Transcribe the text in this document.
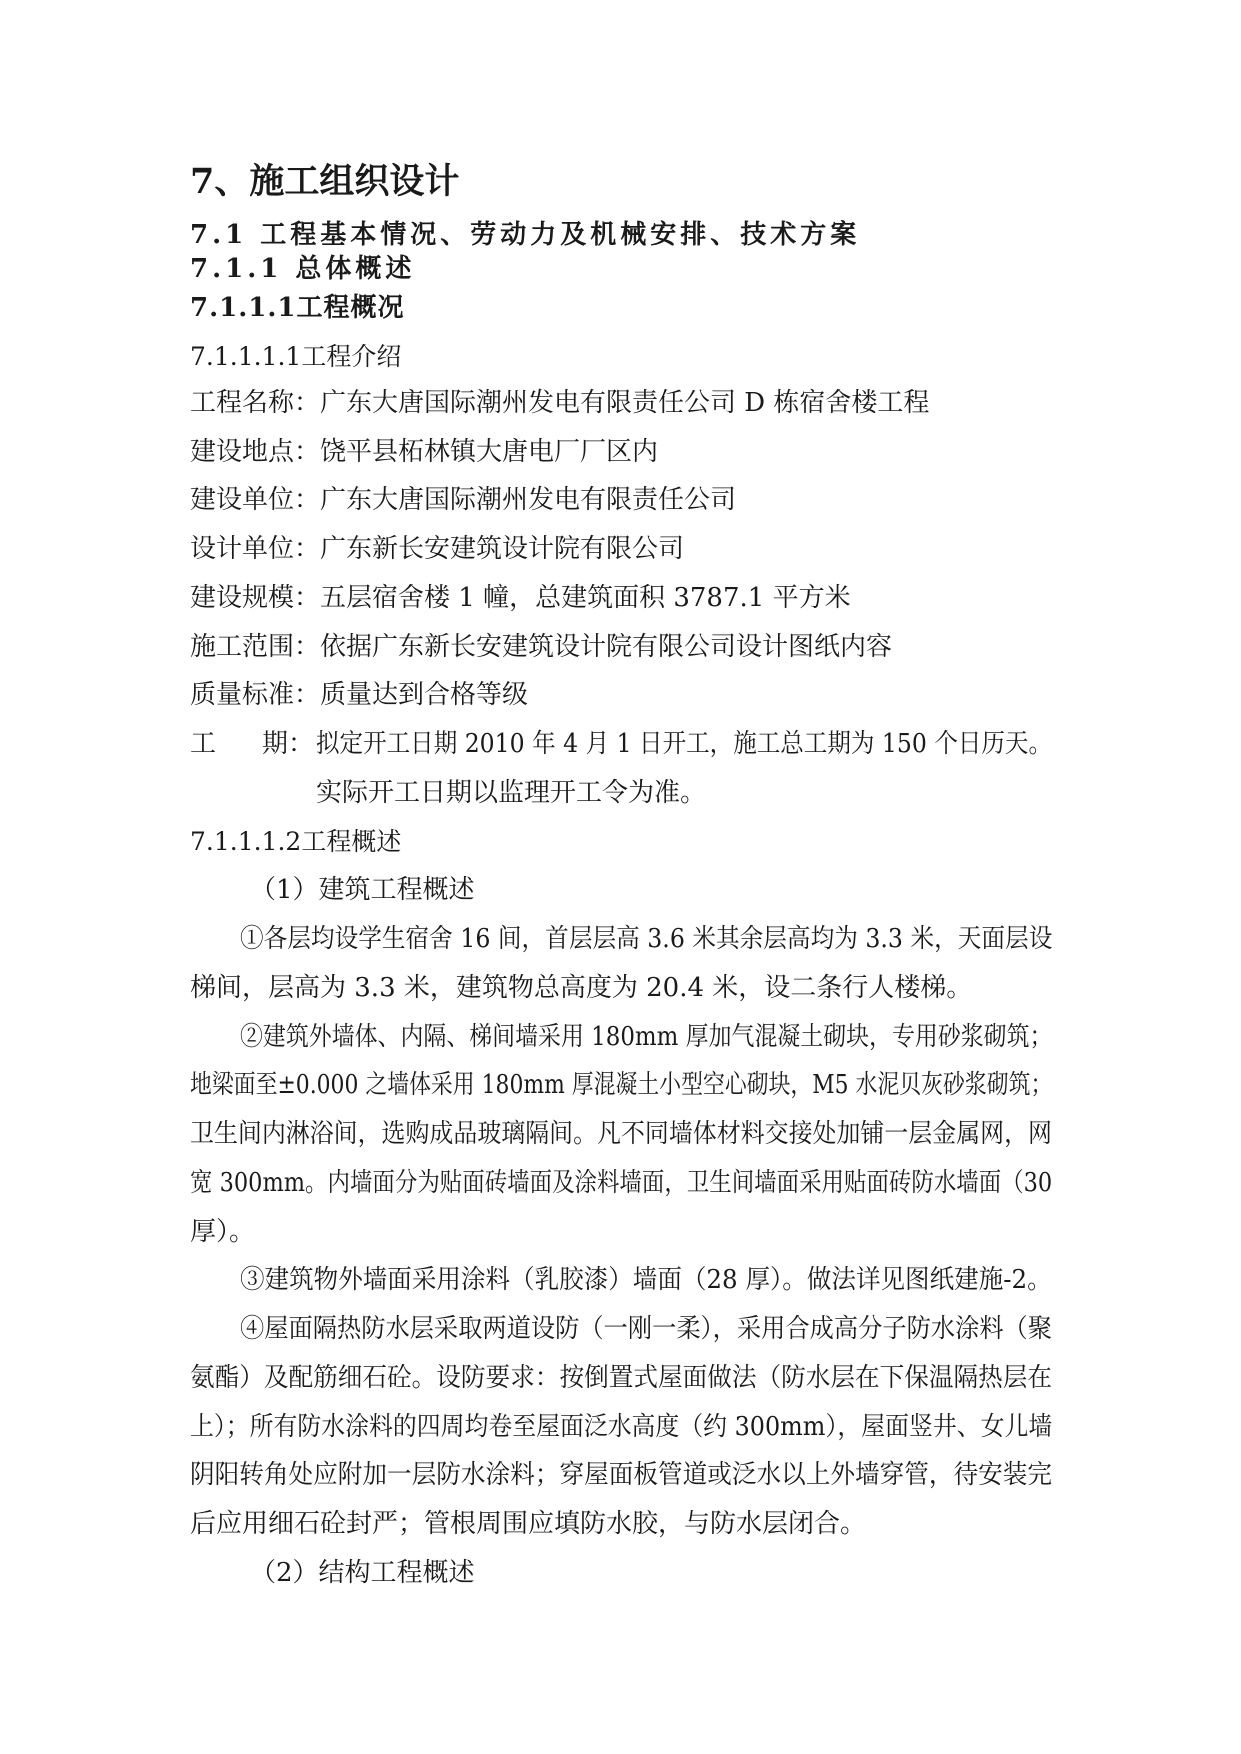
7、施工组织设计
7.1 工程基本情况、劳动力及机械安排、技术方案
7.1.1 总体概述
7.1.1.1工程概况
7.1.1.1.1工程介绍
工程名称：广东大唐国际潮州发电有限责任公司 D 栋宿舍楼工程
建设地点：饶平县柘林镇大唐电厂厂区内
建设单位：广东大唐国际潮州发电有限责任公司
设计单位：广东新长安建筑设计院有限公司
建设规模：五层宿舍楼 1 幢，总建筑面积 3787.1 平方米
施工范围：依据广东新长安建筑设计院有限公司设计图纸内容
质量标准：质量达到合格等级
工 期： 拟定开工日期 2010 年 4 月 1 日开工，施工总工期为 150 个日历天。
实际开工日期以监理开工令为准。
7.1.1.1.2工程概述
（1）建筑工程概述
①各层均设学生宿舍 16 间，首层层高 3.6 米其余层高均为 3.3 米，天面层设
梯间，层高为 3.3 米，建筑物总高度为 20.4 米，设二条行人楼梯。
②建筑外墙体、内隔、梯间墙采用 180mm 厚加气混凝土砌块，专用砂浆砌筑；
地梁面至±0.000 之墙体采用 180mm 厚混凝土小型空心砌块，M5 水泥贝灰砂浆砌筑；
卫生间内淋浴间，选购成品玻璃隔间。凡不同墙体材料交接处加铺一层金属网，网
宽 300mm。内墙面分为贴面砖墙面及涂料墙面，卫生间墙面采用贴面砖防水墙面（30
厚）。
③建筑物外墙面采用涂料（乳胶漆）墙面（28 厚）。做法详见图纸建施-2。
④屋面隔热防水层采取两道设防（一刚一柔），采用合成高分子防水涂料（聚
氨酯）及配筋细石砼。设防要求：按倒置式屋面做法（防水层在下保温隔热层在
上）；所有防水涂料的四周均卷至屋面泛水高度（约 300mm），屋面竖井、女儿墙
阴阳转角处应附加一层防水涂料；穿屋面板管道或泛水以上外墙穿管，待安装完
后应用细石砼封严；管根周围应填防水胶，与防水层闭合。
（2）结构工程概述
